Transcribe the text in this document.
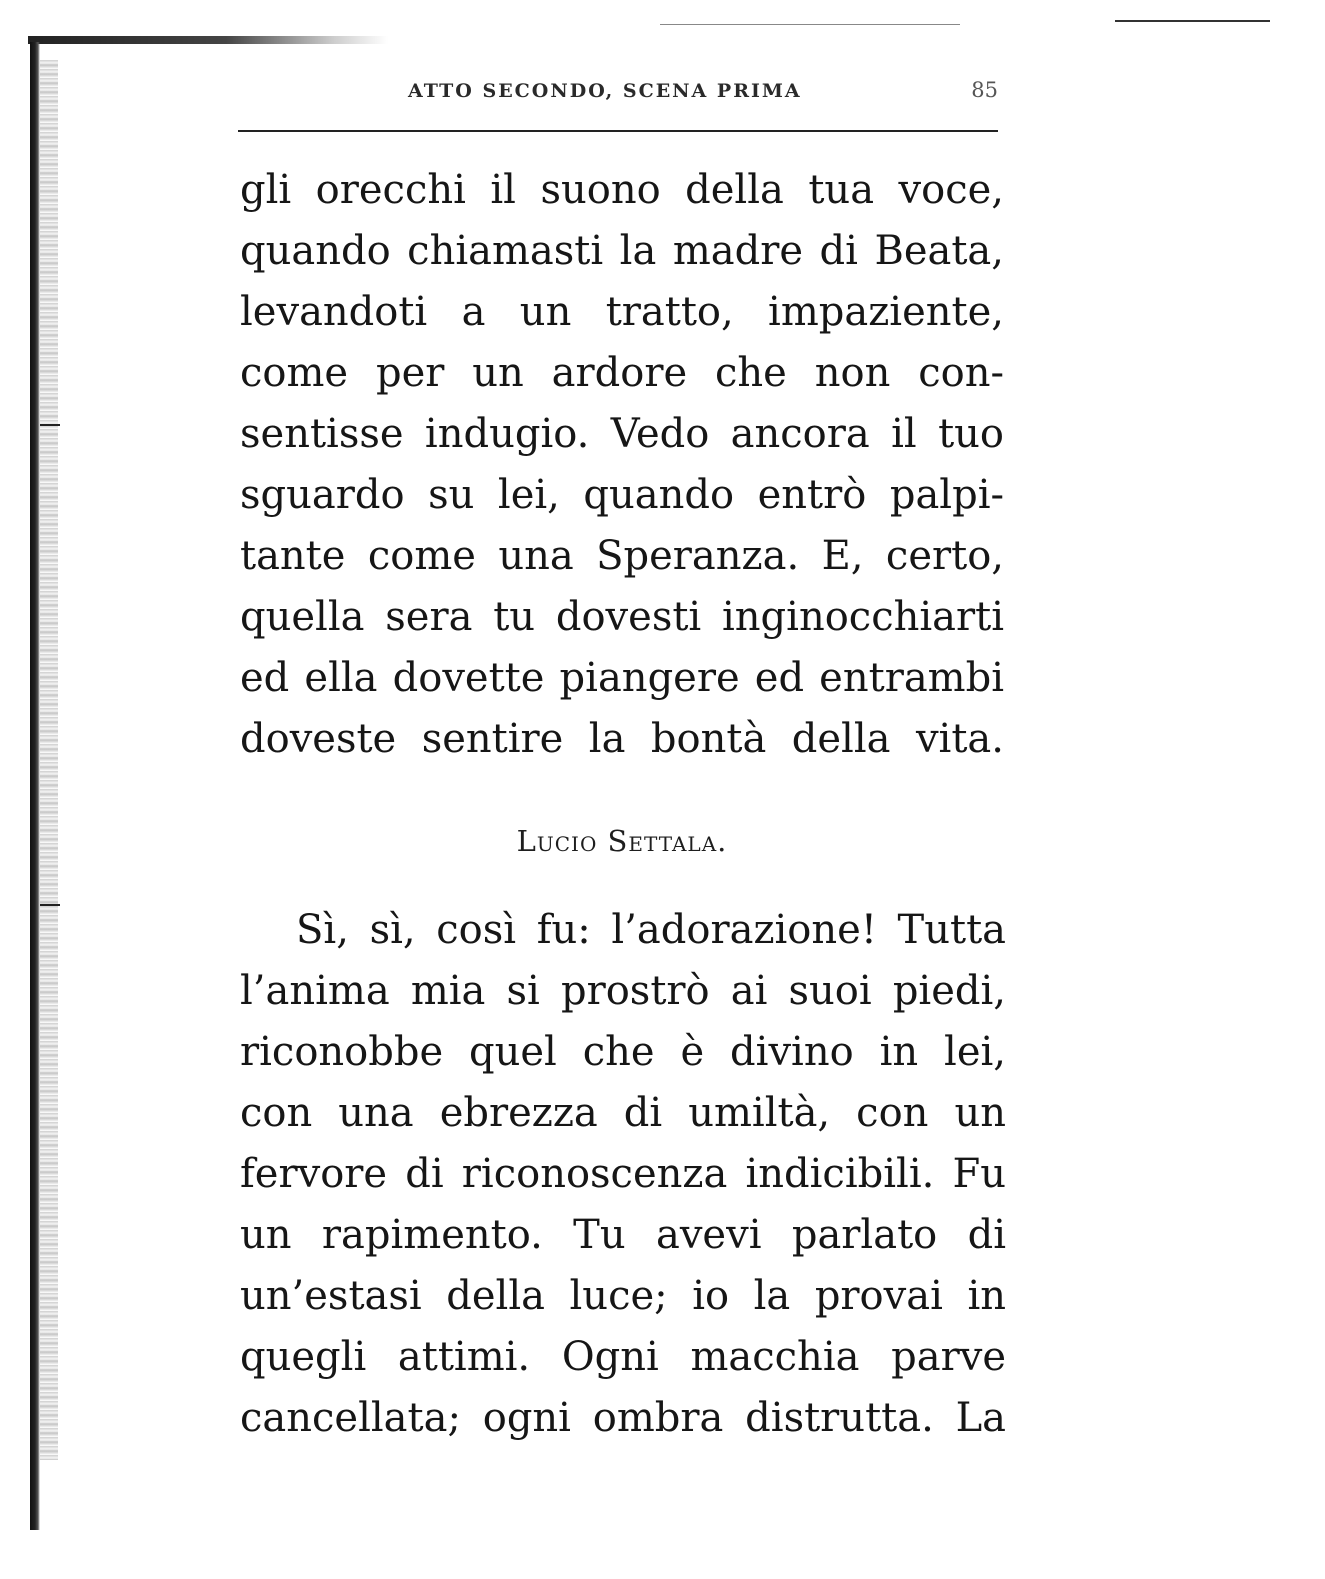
ATTO SECONDO, SCENA PRIMA	85

gli orecchi il suono della tua voce,
quando chiamasti la madre di Beata,
levandoti a un tratto, impaziente,
come per un ardore che non con-
sentisse indugio. Vedo ancora il tuo
sguardo su lei, quando entrò palpi-
tante come una Speranza. E, certo,
quella sera tu dovesti inginocchiarti
ed ella dovette piangere ed entrambi
doveste sentire la bontà della vita.

Lucio Settala.

Sì, sì, così fu: l’adorazione! Tutta
l’anima mia si prostrò ai suoi piedi,
riconobbe quel che è divino in lei,
con una ebrezza di umiltà, con un
fervore di riconoscenza indicibili. Fu
un rapimento. Tu avevi parlato di
un’estasi della luce; io la provai in
quegli attimi. Ogni macchia parve
cancellata; ogni ombra distrutta. La
